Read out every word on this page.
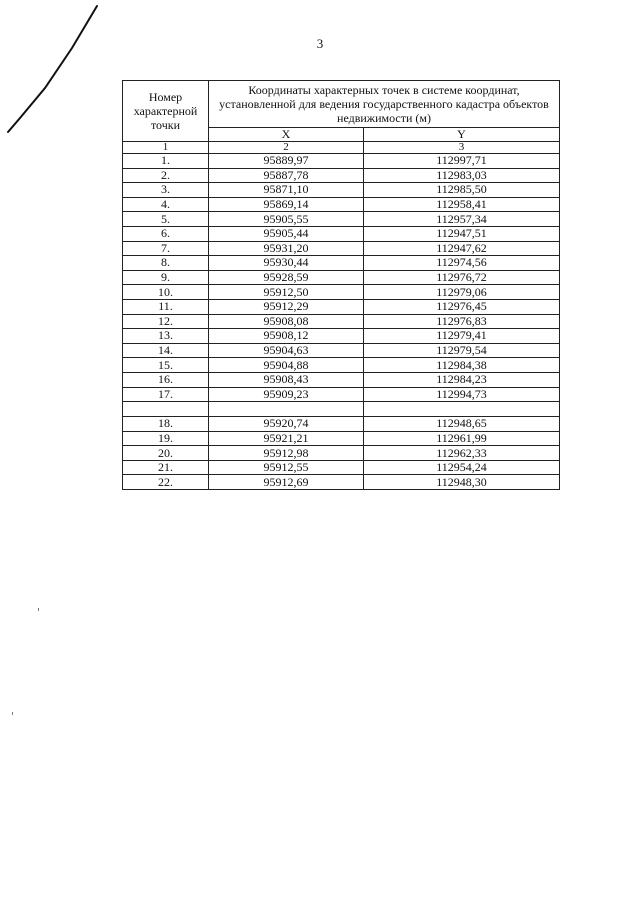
3
Номер характерной точки	Координаты характерных точек в системе координат, установленной для ведения государственного кадастра объектов недвижимости (м)	
	X	Y
1	2	3
1.	95889,97	112997,71
2.	95887,78	112983,03
3.	95871,10	112985,50
4.	95869,14	112958,41
5.	95905,55	112957,34
6.	95905,44	112947,51
7.	95931,20	112947,62
8.	95930,44	112974,56
9.	95928,59	112976,72
10.	95912,50	112979,06
11.	95912,29	112976,45
12.	95908,08	112976,83
13.	95908,12	112979,41
14.	95904,63	112979,54
15.	95904,88	112984,38
16.	95908,43	112984,23
17.	95909,23	112994,73

18.	95920,74	112948,65
19.	95921,21	112961,99
20.	95912,98	112962,33
21.	95912,55	112954,24
22.	95912,69	112948,30
